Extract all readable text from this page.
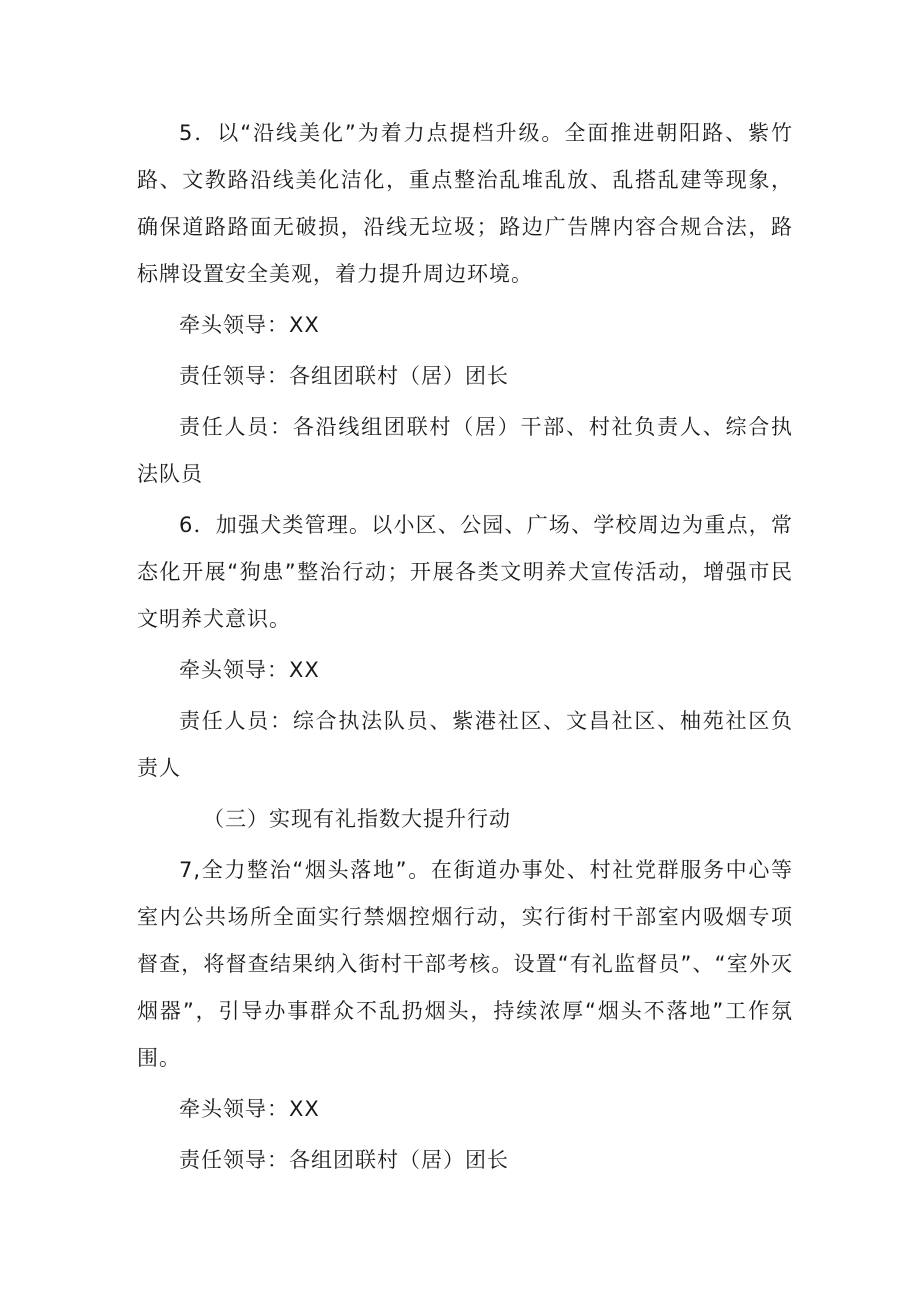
5．以“沿线美化”为着力点提档升级。全面推进朝阳路、紫竹路、文教路沿线美化洁化，重点整治乱堆乱放、乱搭乱建等现象，确保道路路面无破损，沿线无垃圾；路边广告牌内容合规合法，路标牌设置安全美观，着力提升周边环境。

牵头领导：XX

责任领导：各组团联村（居）团长

责任人员：各沿线组团联村（居）干部、村社负责人、综合执法队员

6．加强犬类管理。以小区、公园、广场、学校周边为重点，常态化开展“狗患”整治行动；开展各类文明养犬宣传活动，增强市民文明养犬意识。

牵头领导：XX

责任人员：综合执法队员、紫港社区、文昌社区、柚苑社区负责人

（三）实现有礼指数大提升行动

7,全力整治“烟头落地”。在街道办事处、村社党群服务中心等室内公共场所全面实行禁烟控烟行动，实行街村干部室内吸烟专项督查，将督查结果纳入街村干部考核。设置“有礼监督员”、“室外灭烟器”，引导办事群众不乱扔烟头，持续浓厚“烟头不落地”工作氛围。

牵头领导：XX

责任领导：各组团联村（居）团长
